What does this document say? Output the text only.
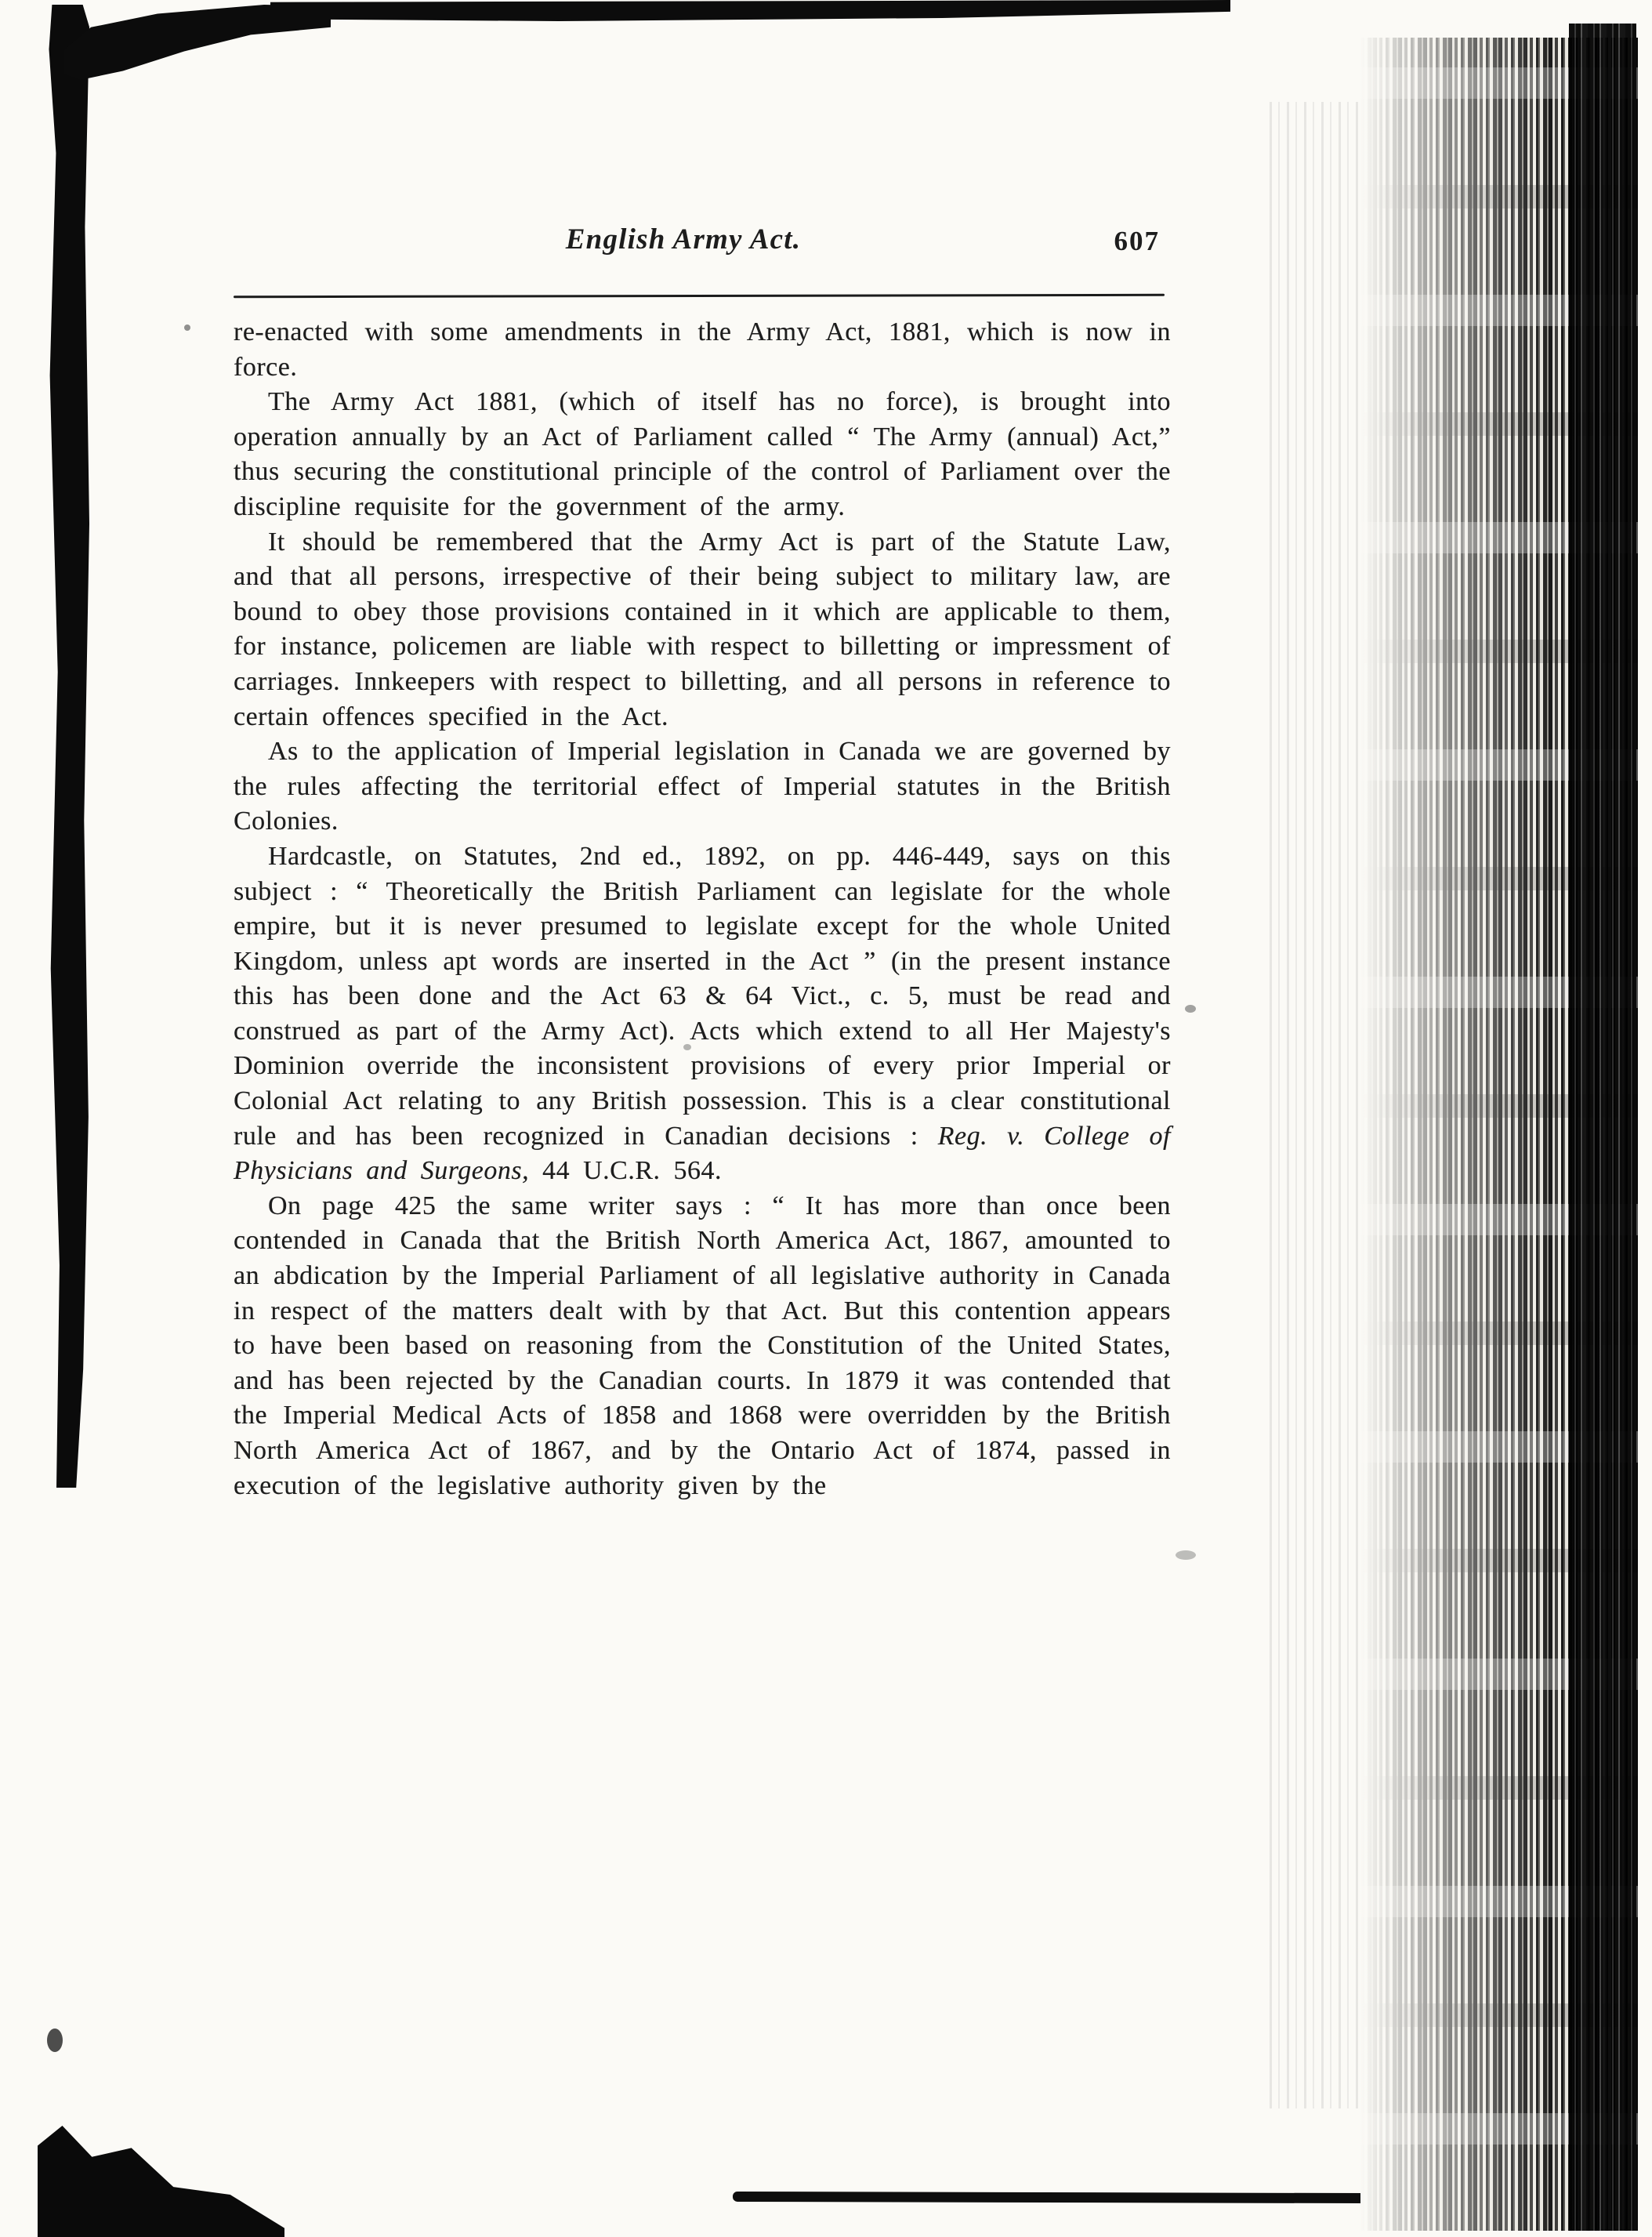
English Army Act.	607

re-enacted with some amendments in the Army Act, 1881, which is now in force.

The Army Act 1881, (which of itself has no force), is brought into operation annually by an Act of Parliament called “ The Army (annual) Act,” thus securing the constitutional principle of the control of Parliament over the discipline requisite for the government of the army.

It should be remembered that the Army Act is part of the Statute Law, and that all persons, irrespective of their being subject to military law, are bound to obey those provisions contained in it which are applicable to them, for instance, policemen are liable with respect to billetting or impressment of carriages. Innkeepers with respect to billetting, and all persons in reference to certain offences specified in the Act.

As to the application of Imperial legislation in Canada we are governed by the rules affecting the territorial effect of Imperial statutes in the British Colonies.

Hardcastle, on Statutes, 2nd ed., 1892, on pp. 446-449, says on this subject : “ Theoretically the British Parliament can legislate for the whole empire, but it is never presumed to legislate except for the whole United Kingdom, unless apt words are inserted in the Act ” (in the present instance this has been done and the Act 63 & 64 Vict., c. 5, must be read and construed as part of the Army Act). Acts which extend to all Her Majesty's Dominion override the inconsistent provisions of every prior Imperial or Colonial Act relating to any British possession. This is a clear constitutional rule and has been recognized in Canadian decisions : Reg. v. College of Physicians and Surgeons, 44 U.C.R. 564.

On page 425 the same writer says : “ It has more than once been contended in Canada that the British North America Act, 1867, amounted to an abdication by the Imperial Parliament of all legislative authority in Canada in respect of the matters dealt with by that Act. But this contention appears to have been based on reasoning from the Constitution of the United States, and has been rejected by the Canadian courts. In 1879 it was contended that the Imperial Medical Acts of 1858 and 1868 were overridden by the British North America Act of 1867, and by the Ontario Act of 1874, passed in execution of the legislative authority given by the
